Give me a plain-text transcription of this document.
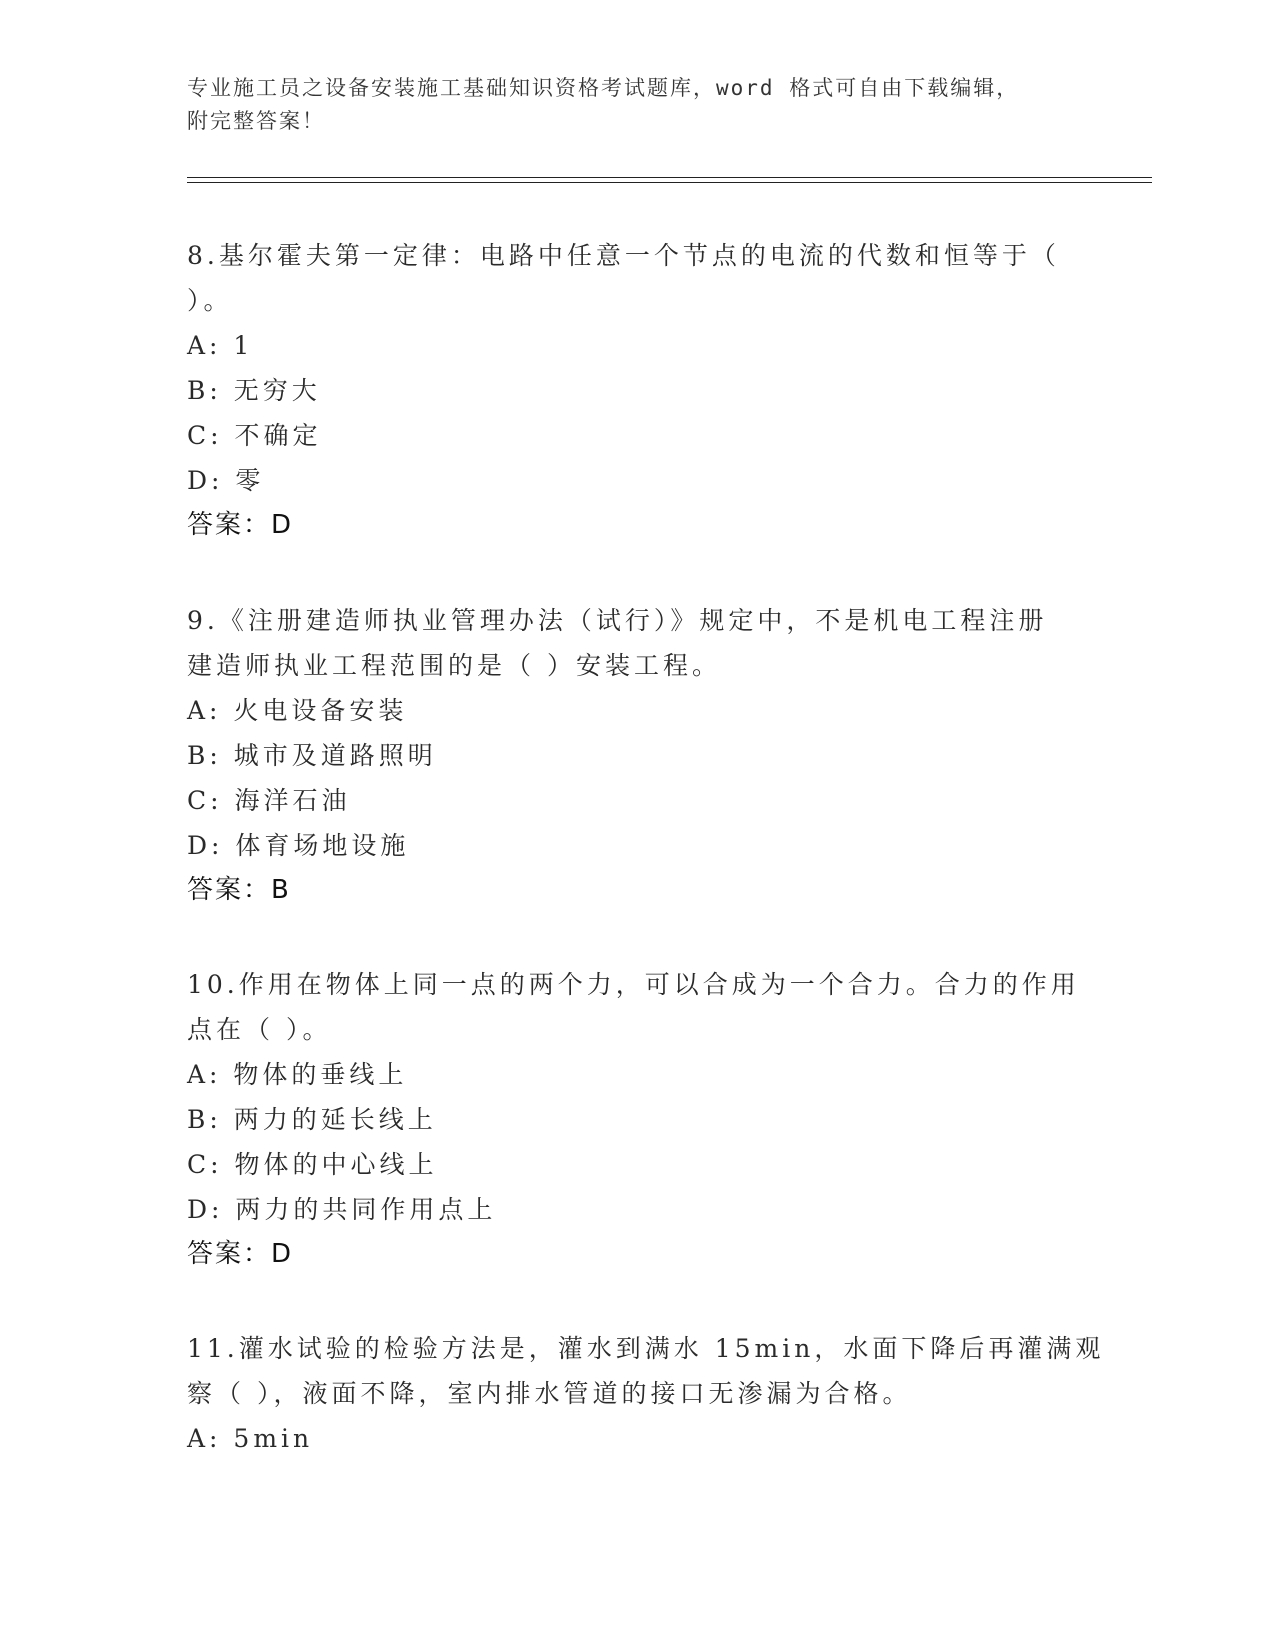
专业施工员之设备安装施工基础知识资格考试题库，word 格式可自由下载编辑，
附完整答案！
8.基尔霍夫第一定律：电路中任意一个节点的电流的代数和恒等于（
）。
A: 1
B: 无穷大
C: 不确定
D: 零
答案：D
9.《注册建造师执业管理办法（试行）》规定中，不是机电工程注册
建造师执业工程范围的是（ ）安装工程。
A: 火电设备安装
B: 城市及道路照明
C: 海洋石油
D: 体育场地设施
答案：B
10.作用在物体上同一点的两个力，可以合成为一个合力。合力的作用
点在（ ）。
A: 物体的垂线上
B: 两力的延长线上
C: 物体的中心线上
D: 两力的共同作用点上
答案：D
11.灌水试验的检验方法是，灌水到满水 15min，水面下降后再灌满观
察（ ），液面不降，室内排水管道的接口无渗漏为合格。
A: 5min
